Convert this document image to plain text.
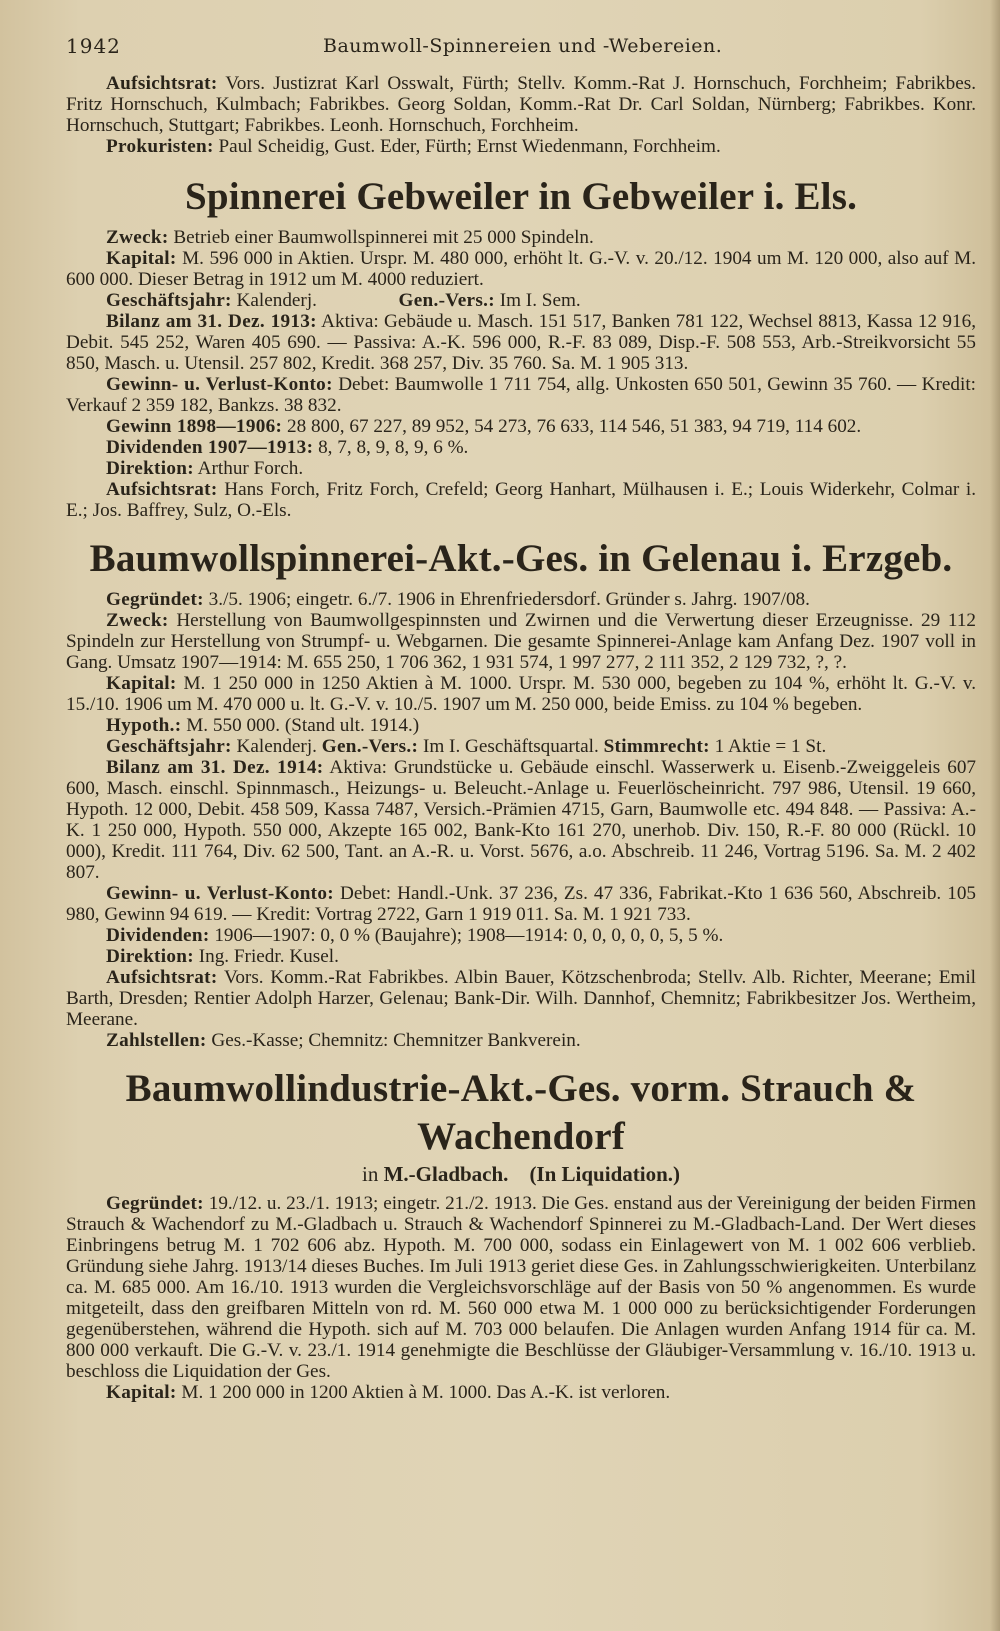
1942	Baumwoll-Spinnereien und -Webereien.

Aufsichtsrat: Vors. Justizrat Karl Osswalt, Fürth; Stellv. Komm.-Rat J. Hornschuch, Forchheim; Fabrikbes. Fritz Hornschuch, Kulmbach; Fabrikbes. Georg Soldan, Komm.-Rat Dr. Carl Soldan, Nürnberg; Fabrikbes. Konr. Hornschuch, Stuttgart; Fabrikbes. Leonh. Hornschuch, Forchheim.

Prokuristen: Paul Scheidig, Gust. Eder, Fürth; Ernst Wiedenmann, Forchheim.

Spinnerei Gebweiler in Gebweiler i. Els.

Zweck: Betrieb einer Baumwollspinnerei mit 25 000 Spindeln.

Kapital: M. 596 000 in Aktien. Urspr. M. 480 000, erhöht lt. G.-V. v. 20./12. 1904 um M. 120 000, also auf M. 600 000. Dieser Betrag in 1912 um M. 4000 reduziert.

Geschäftsjahr: Kalenderj.	Gen.-Vers.: Im I. Sem.

Bilanz am 31. Dez. 1913: Aktiva: Gebäude u. Masch. 151 517, Banken 781 122, Wechsel 8813, Kassa 12 916, Debit. 545 252, Waren 405 690. — Passiva: A.-K. 596 000, R.-F. 83 089, Disp.-F. 508 553, Arb.-Streikvorsicht 55 850, Masch. u. Utensil. 257 802, Kredit. 368 257, Div. 35 760. Sa. M. 1 905 313.

Gewinn- u. Verlust-Konto: Debet: Baumwolle 1 711 754, allg. Unkosten 650 501, Gewinn 35 760. — Kredit: Verkauf 2 359 182, Bankzs. 38 832.

Gewinn 1898—1906: 28 800, 67 227, 89 952, 54 273, 76 633, 114 546, 51 383, 94 719, 114 602.

Dividenden 1907—1913: 8, 7, 8, 9, 8, 9, 6 %.

Direktion: Arthur Forch.

Aufsichtsrat: Hans Forch, Fritz Forch, Crefeld; Georg Hanhart, Mülhausen i. E.; Louis Widerkehr, Colmar i. E.; Jos. Baffrey, Sulz, O.-Els.

Baumwollspinnerei-Akt.-Ges. in Gelenau i. Erzgeb.

Gegründet: 3./5. 1906; eingetr. 6./7. 1906 in Ehrenfriedersdorf. Gründer s. Jahrg. 1907/08.

Zweck: Herstellung von Baumwollgespinnsten und Zwirnen und die Verwertung dieser Erzeugnisse. 29 112 Spindeln zur Herstellung von Strumpf- u. Webgarnen. Die gesamte Spinnerei-Anlage kam Anfang Dez. 1907 voll in Gang. Umsatz 1907—1914: M. 655 250, 1 706 362, 1 931 574, 1 997 277, 2 111 352, 2 129 732, ?, ?.

Kapital: M. 1 250 000 in 1250 Aktien à M. 1000. Urspr. M. 530 000, begeben zu 104 %, erhöht lt. G.-V. v. 15./10. 1906 um M. 470 000 u. lt. G.-V. v. 10./5. 1907 um M. 250 000, beide Emiss. zu 104 % begeben.

Hypoth.: M. 550 000. (Stand ult. 1914.)

Geschäftsjahr: Kalenderj. Gen.-Vers.: Im I. Geschäftsquartal. Stimmrecht: 1 Aktie = 1 St.

Bilanz am 31. Dez. 1914: Aktiva: Grundstücke u. Gebäude einschl. Wasserwerk u. Eisenb.-Zweiggeleis 607 600, Masch. einschl. Spinnmasch., Heizungs- u. Beleucht.-Anlage u. Feuerlöscheinricht. 797 986, Utensil. 19 660, Hypoth. 12 000, Debit. 458 509, Kassa 7487, Versich.-Prämien 4715, Garn, Baumwolle etc. 494 848. — Passiva: A.-K. 1 250 000, Hypoth. 550 000, Akzepte 165 002, Bank-Kto 161 270, unerhob. Div. 150, R.-F. 80 000 (Rückl. 10 000), Kredit. 111 764, Div. 62 500, Tant. an A.-R. u. Vorst. 5676, a.o. Abschreib. 11 246, Vortrag 5196. Sa. M. 2 402 807.

Gewinn- u. Verlust-Konto: Debet: Handl.-Unk. 37 236, Zs. 47 336, Fabrikat.-Kto 1 636 560, Abschreib. 105 980, Gewinn 94 619. — Kredit: Vortrag 2722, Garn 1 919 011. Sa. M. 1 921 733.

Dividenden: 1906—1907: 0, 0 % (Baujahre); 1908—1914: 0, 0, 0, 0, 0, 5, 5 %.

Direktion: Ing. Friedr. Kusel.

Aufsichtsrat: Vors. Komm.-Rat Fabrikbes. Albin Bauer, Kötzschenbroda; Stellv. Alb. Richter, Meerane; Emil Barth, Dresden; Rentier Adolph Harzer, Gelenau; Bank-Dir. Wilh. Dannhof, Chemnitz; Fabrikbesitzer Jos. Wertheim, Meerane.

Zahlstellen: Ges.-Kasse; Chemnitz: Chemnitzer Bankverein.

Baumwollindustrie-Akt.-Ges. vorm. Strauch & Wachendorf

in M.-Gladbach. (In Liquidation.)

Gegründet: 19./12. u. 23./1. 1913; eingetr. 21./2. 1913. Die Ges. enstand aus der Vereinigung der beiden Firmen Strauch & Wachendorf zu M.-Gladbach u. Strauch & Wachendorf Spinnerei zu M.-Gladbach-Land. Der Wert dieses Einbringens betrug M. 1 702 606 abz. Hypoth. M. 700 000, sodass ein Einlagewert von M. 1 002 606 verblieb. Gründung siehe Jahrg. 1913/14 dieses Buches. Im Juli 1913 geriet diese Ges. in Zahlungsschwierigkeiten. Unterbilanz ca. M. 685 000. Am 16./10. 1913 wurden die Vergleichsvorschläge auf der Basis von 50 % angenommen. Es wurde mitgeteilt, dass den greifbaren Mitteln von rd. M. 560 000 etwa M. 1 000 000 zu berücksichtigender Forderungen gegenüberstehen, während die Hypoth. sich auf M. 703 000 belaufen. Die Anlagen wurden Anfang 1914 für ca. M. 800 000 verkauft. Die G.-V. v. 23./1. 1914 genehmigte die Beschlüsse der Gläubiger-Versammlung v. 16./10. 1913 u. beschloss die Liquidation der Ges.

Kapital: M. 1 200 000 in 1200 Aktien à M. 1000. Das A.-K. ist verloren.
